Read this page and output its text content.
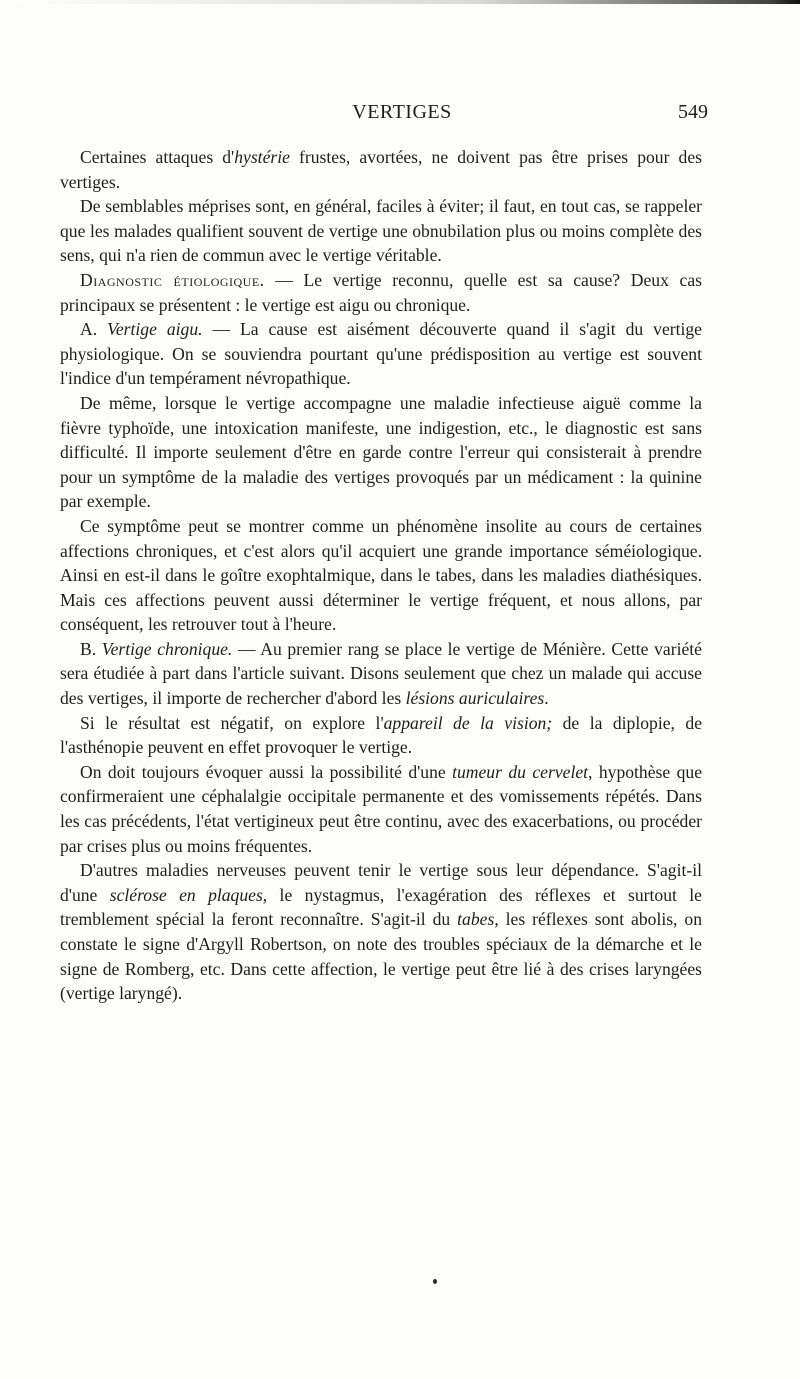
VERTIGES	549

Certaines attaques d'hystérie frustes, avortées, ne doivent pas être prises pour des vertiges.

De semblables méprises sont, en général, faciles à éviter; il faut, en tout cas, se rappeler que les malades qualifient souvent de vertige une obnubilation plus ou moins complète des sens, qui n'a rien de commun avec le vertige véritable.

Diagnostic étiologique. — Le vertige reconnu, quelle est sa cause? Deux cas principaux se présentent : le vertige est aigu ou chronique.

A. Vertige aigu. — La cause est aisément découverte quand il s'agit du vertige physiologique. On se souviendra pourtant qu'une prédisposition au vertige est souvent l'indice d'un tempérament névropathique.

De même, lorsque le vertige accompagne une maladie infectieuse aiguë comme la fièvre typhoïde, une intoxication manifeste, une indigestion, etc., le diagnostic est sans difficulté. Il importe seulement d'être en garde contre l'erreur qui consisterait à prendre pour un symptôme de la maladie des vertiges provoqués par un médicament : la quinine par exemple.

Ce symptôme peut se montrer comme un phénomène insolite au cours de certaines affections chroniques, et c'est alors qu'il acquiert une grande importance séméiologique. Ainsi en est-il dans le goître exophtalmique, dans le tabes, dans les maladies diathésiques. Mais ces affections peuvent aussi déterminer le vertige fréquent, et nous allons, par conséquent, les retrouver tout à l'heure.

B. Vertige chronique. — Au premier rang se place le vertige de Ménière. Cette variété sera étudiée à part dans l'article suivant. Disons seulement que chez un malade qui accuse des vertiges, il importe de rechercher d'abord les lésions auriculaires.

Si le résultat est négatif, on explore l'appareil de la vision; de la diplopie, de l'asthénopie peuvent en effet provoquer le vertige.

On doit toujours évoquer aussi la possibilité d'une tumeur du cervelet, hypothèse que confirmeraient une céphalalgie occipitale permanente et des vomissements répétés. Dans les cas précédents, l'état vertigineux peut être continu, avec des exacerbations, ou procéder par crises plus ou moins fréquentes.

D'autres maladies nerveuses peuvent tenir le vertige sous leur dépendance. S'agit-il d'une sclérose en plaques, le nystagmus, l'exagération des réflexes et surtout le tremblement spécial la feront reconnaître. S'agit-il du tabes, les réflexes sont abolis, on constate le signe d'Argyll Robertson, on note des troubles spéciaux de la démarche et le signe de Romberg, etc. Dans cette affection, le vertige peut être lié à des crises laryngées (vertige laryngé).
